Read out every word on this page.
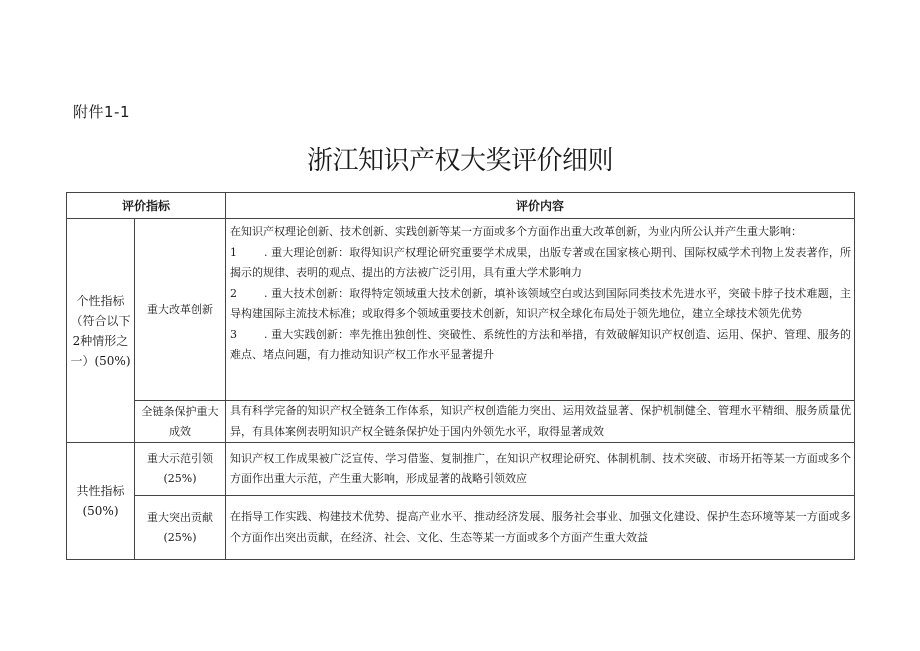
附件1-1
浙江知识产权大奖评价细则
评价指标	评价内容
个性指标（符合以下2种情形之一）(50%)
重大改革创新

在知识产权理论创新、技术创新、实践创新等某一方面或多个方面作出重大改革创新，为业内所公认并产生重大影响：

1 . 重大理论创新：取得知识产权理论研究重要学术成果，出版专著或在国家核心期刊、国际权威学术刊物上发表著作，所揭示的规律、表明的观点、提出的方法被广泛引用，具有重大学术影响力

2 . 重大技术创新：取得特定领域重大技术创新，填补该领域空白或达到国际同类技术先进水平，突破卡脖子技术难题，主导构建国际主流技术标准；或取得多个领域重要技术创新，知识产权全球化布局处于领先地位，建立全球技术领先优势

3 . 重大实践创新：率先推出独创性、突破性、系统性的方法和举措，有效破解知识产权创造、运用、保护、管理、服务的难点、堵点问题，有力推动知识产权工作水平显著提升

全链条保护重大成效

具有科学完备的知识产权全链条工作体系，知识产权创造能力突出、运用效益显著、保护机制健全、管理水平精细、服务质量优异，有具体案例表明知识产权全链条保护处于国内外领先水平，取得显著成效

共性指标(50%)
重大示范引领(25%)

知识产权工作成果被广泛宣传、学习借鉴、复制推广，在知识产权理论研究、体制机制、技术突破、市场开拓等某一方面或多个方面作出重大示范，产生重大影响，形成显著的战略引领效应

重大突出贡献(25%)

在指导工作实践、构建技术优势、提高产业水平、推动经济发展、服务社会事业、加强文化建设、保护生态环境等某一方面或多个方面作出突出贡献，在经济、社会、文化、生态等某一方面或多个方面产生重大效益
